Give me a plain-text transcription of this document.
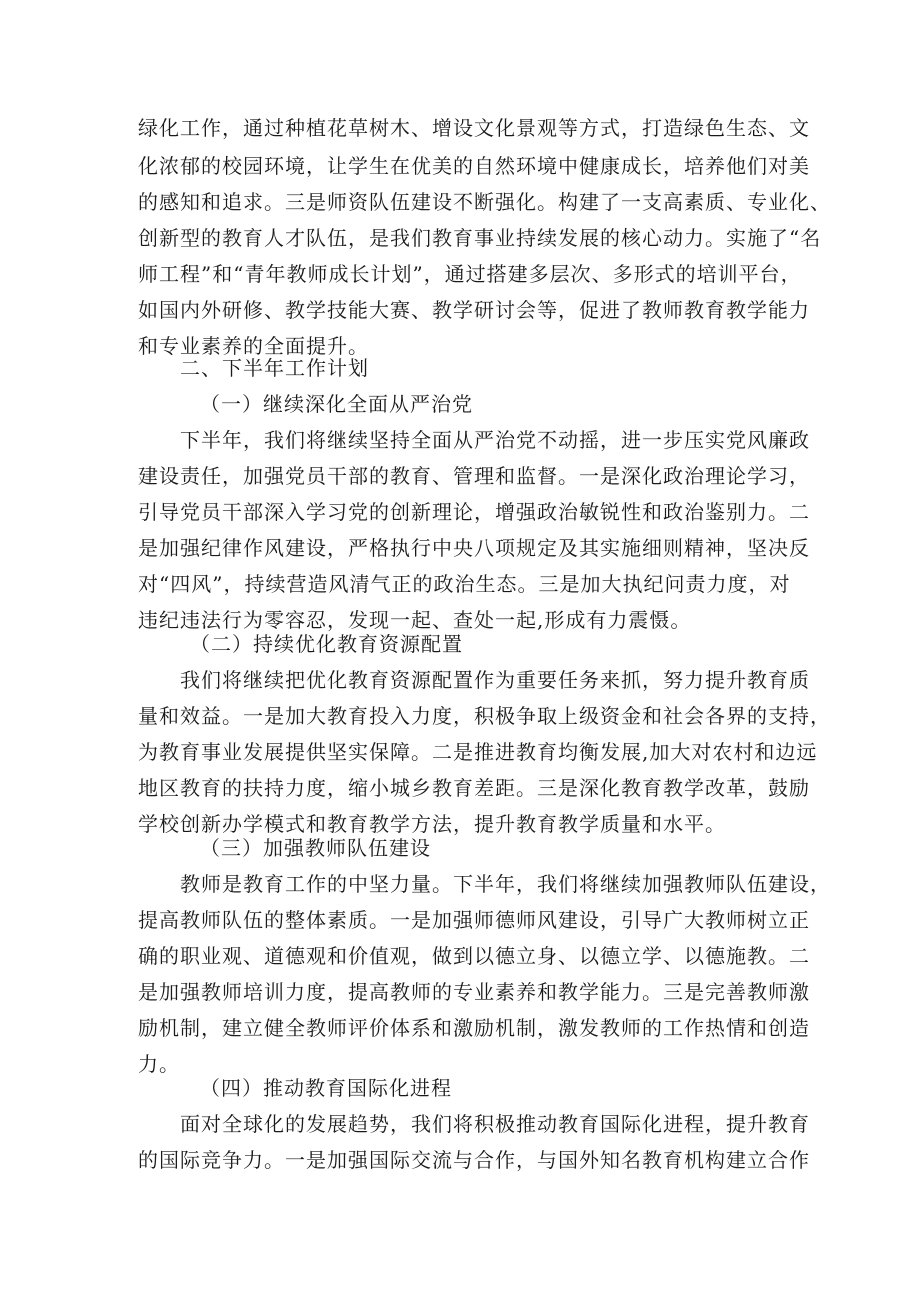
绿化工作，通过种植花草树木、增设文化景观等方式，打造绿色生态、文
化浓郁的校园环境，让学生在优美的自然环境中健康成长，培养他们对美
的感知和追求。三是师资队伍建设不断强化。构建了一支高素质、专业化、
创新型的教育人才队伍，是我们教育事业持续发展的核心动力。实施了“名
师工程”和“青年教师成长计划”，通过搭建多层次、多形式的培训平台，
如国内外研修、教学技能大赛、教学研讨会等，促进了教师教育教学能力
和专业素养的全面提升。
二、下半年工作计划
（一）继续深化全面从严治党
下半年，我们将继续坚持全面从严治党不动摇，进一步压实党风廉政
建设责任，加强党员干部的教育、管理和监督。一是深化政治理论学习，
引导党员干部深入学习党的创新理论，增强政治敏锐性和政治鉴别力。二
是加强纪律作风建设，严格执行中央八项规定及其实施细则精神，坚决反
对“四风”，持续营造风清气正的政治生态。三是加大执纪问责力度，对
违纪违法行为零容忍，发现一起、查处一起,形成有力震慑。
（二）持续优化教育资源配置
我们将继续把优化教育资源配置作为重要任务来抓，努力提升教育质
量和效益。一是加大教育投入力度，积极争取上级资金和社会各界的支持，
为教育事业发展提供坚实保障。二是推进教育均衡发展,加大对农村和边远
地区教育的扶持力度，缩小城乡教育差距。三是深化教育教学改革，鼓励
学校创新办学模式和教育教学方法，提升教育教学质量和水平。
（三）加强教师队伍建设
教师是教育工作的中坚力量。下半年，我们将继续加强教师队伍建设，
提高教师队伍的整体素质。一是加强师德师风建设，引导广大教师树立正
确的职业观、道德观和价值观，做到以德立身、以德立学、以德施教。二
是加强教师培训力度，提高教师的专业素养和教学能力。三是完善教师激
励机制，建立健全教师评价体系和激励机制，激发教师的工作热情和创造
力。
（四）推动教育国际化进程
面对全球化的发展趋势，我们将积极推动教育国际化进程，提升教育
的国际竞争力。一是加强国际交流与合作，与国外知名教育机构建立合作
